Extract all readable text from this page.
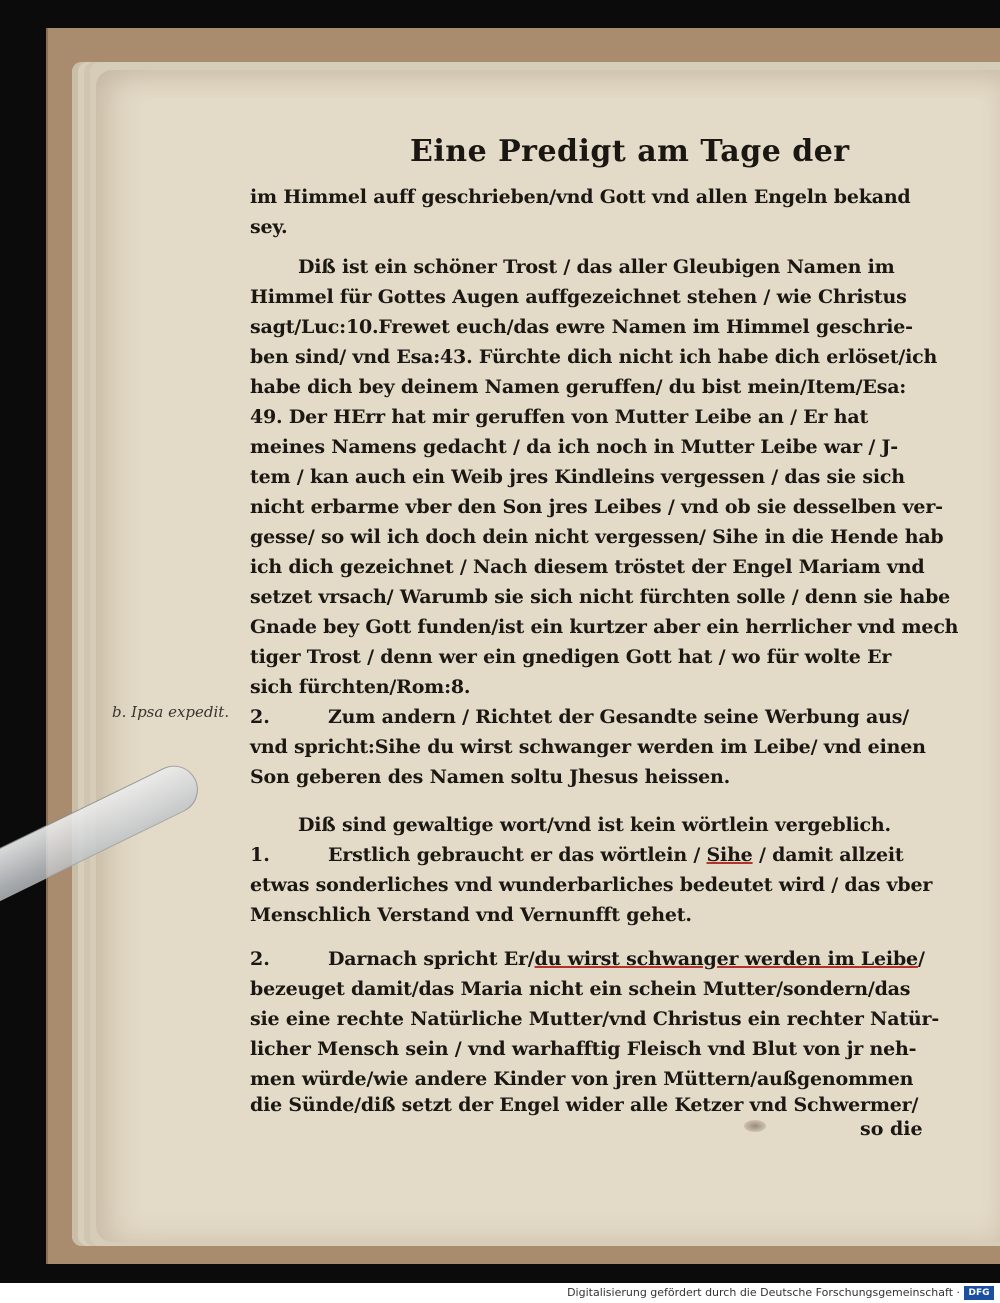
Eine Predigt am Tage der
im Himmel auff geschrieben/vnd Gott vnd allen Engeln bekand
sey.
Diß ist ein schöner Trost / das aller Gleubigen Namen im
Himmel für Gottes Augen auffgezeichnet stehen / wie Christus
sagt/Luc:10.Frewet euch/das ewre Namen im Himmel geschrie-
ben sind/ vnd Esa:43. Fürchte dich nicht ich habe dich erlöset/ich
habe dich bey deinem Namen geruffen/ du bist mein/Item/Esa:
49. Der HErr hat mir geruffen von Mutter Leibe an / Er hat
meines Namens gedacht / da ich noch in Mutter Leibe war / J-
tem / kan auch ein Weib jres Kindleins vergessen / das sie sich
nicht erbarme vber den Son jres Leibes / vnd ob sie desselben ver-
gesse/ so wil ich doch dein nicht vergessen/ Sihe in die Hende hab
ich dich gezeichnet / Nach diesem tröstet der Engel Mariam vnd
setzet vrsach/ Warumb sie sich nicht fürchten solle / denn sie habe
Gnade bey Gott funden/ist ein kurtzer aber ein herrlicher vnd mech
tiger Trost / denn wer ein gnedigen Gott hat / wo für wolte Er
sich fürchten/Rom:8.
b. Ipsa expedit. 2.	Zum andern / Richtet der Gesandte seine Werbung aus/
vnd spricht:Sihe du wirst schwanger werden im Leibe/ vnd einen
Son geberen des Namen soltu Jhesus heissen.
Diß sind gewaltige wort/vnd ist kein wörtlein vergeblich.
1.	Erstlich gebraucht er das wörtlein / Sihe / damit allzeit
etwas sonderliches vnd wunderbarliches bedeutet wird / das vber
Menschlich Verstand vnd Vernunfft gehet.
2.	Darnach spricht Er/du wirst schwanger werden im Leibe/
bezeuget damit/das Maria nicht ein schein Mutter/sondern/das
sie eine rechte Natürliche Mutter/vnd Christus ein rechter Natür-
licher Mensch sein / vnd warhafftig Fleisch vnd Blut von jr neh-
men würde/wie andere Kinder von jren Müttern/außgenommen
die Sünde/diß setzt der Engel wider alle Ketzer vnd Schwermer/
so die
Digitalisierung gefördert durch die Deutsche Forschungsgemeinschaft · DFG
